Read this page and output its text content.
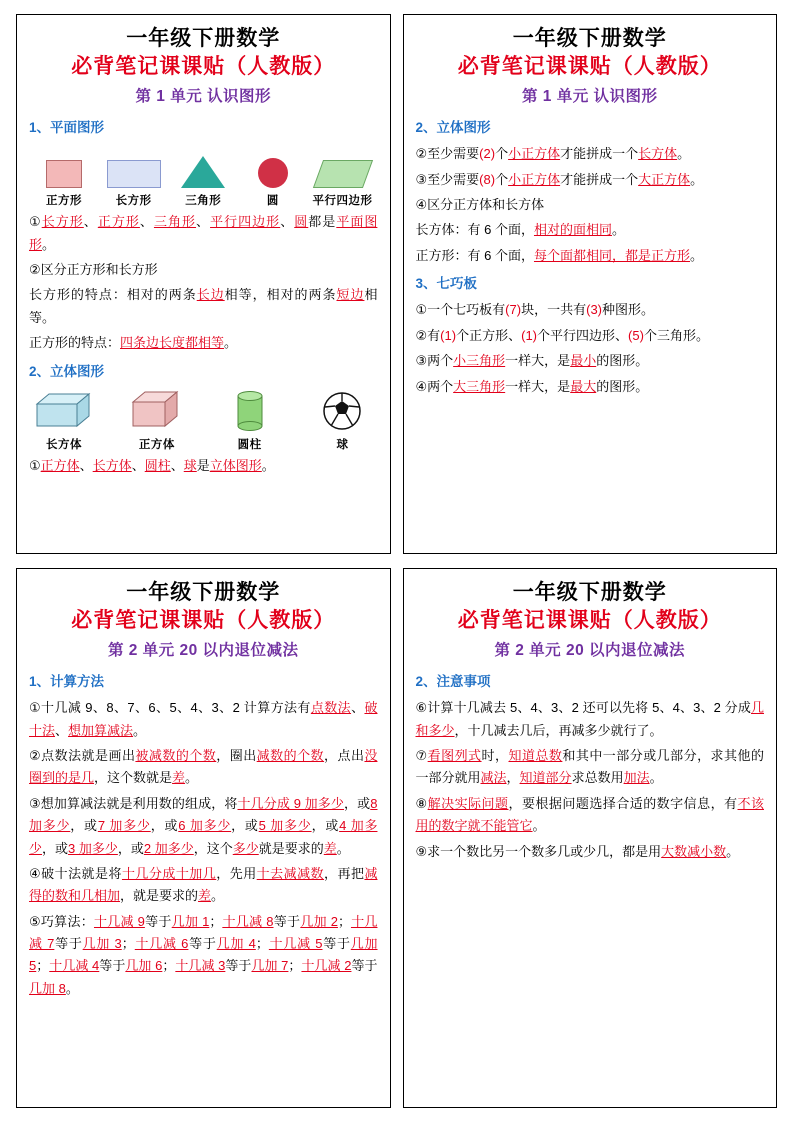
一年级下册数学
必背笔记课课贴（人教版）
第 1 单元 认识图形
1、平面图形
正方形	长方形	三角形	圆	平行四边形

①长方形、正方形、三角形、平行四边形、圆都是平面图形。

②区分正方形和长方形

长方形的特点：相对的两条长边相等，相对的两条短边相等。

正方形的特点：四条边长度都相等。

2、立体图形
长方体	正方体	圆柱	球

①正方体、长方体、圆柱、球是立体图形。

一年级下册数学
必背笔记课课贴（人教版）
第 1 单元 认识图形
2、立体图形

②至少需要(2)个小正方体才能拼成一个长方体。

③至少需要(8)个小正方体才能拼成一个大正方体。

④区分正方体和长方体

长方体：有 6 个面，相对的面相同。

正方形：有 6 个面，每个面都相同，都是正方形。

3、七巧板

①一个七巧板有(7)块，一共有(3)种图形。

②有(1)个正方形、(1)个平行四边形、(5)个三角形。

③两个小三角形一样大，是最小的图形。

④两个大三角形一样大，是最大的图形。

一年级下册数学
必背笔记课课贴（人教版）
第 2 单元 20 以内退位减法
1、计算方法

①十几减 9、8、7、6、5、4、3、2 计算方法有点数法、破十法、想加算减法。

②点数法就是画出被减数的个数，圈出减数的个数，点出没圈到的是几，这个数就是差。

③想加算减法就是利用数的组成，将十几分成 9 加多少，或8 加多少，或7 加多少，或6 加多少，或5 加多少，或4 加多少，或3 加多少，或2 加多少，这个多少就是要求的差。

④破十法就是将十几分成十加几，先用十去减减数，再把减得的数和几相加，就是要求的差。

⑤巧算法：十几减 9等于几加 1；十几减 8等于几加 2；十几减 7等于几加 3；十几减 6等于几加 4；十几减 5等于几加 5；十几减 4等于几加 6；十几减 3等于几加 7；十几减 2等于几加 8。

一年级下册数学
必背笔记课课贴（人教版）
第 2 单元 20 以内退位减法
2、注意事项

⑥计算十几减去 5、4、3、2 还可以先将 5、4、3、2 分成几和多少，十几减去几后，再减多少就行了。

⑦看图列式时，知道总数和其中一部分或几部分，求其他的一部分就用减法，知道部分求总数用加法。

⑧解决实际问题，要根据问题选择合适的数字信息，有不该用的数字就不能管它。

⑨求一个数比另一个数多几或少几，都是用大数减小数。
